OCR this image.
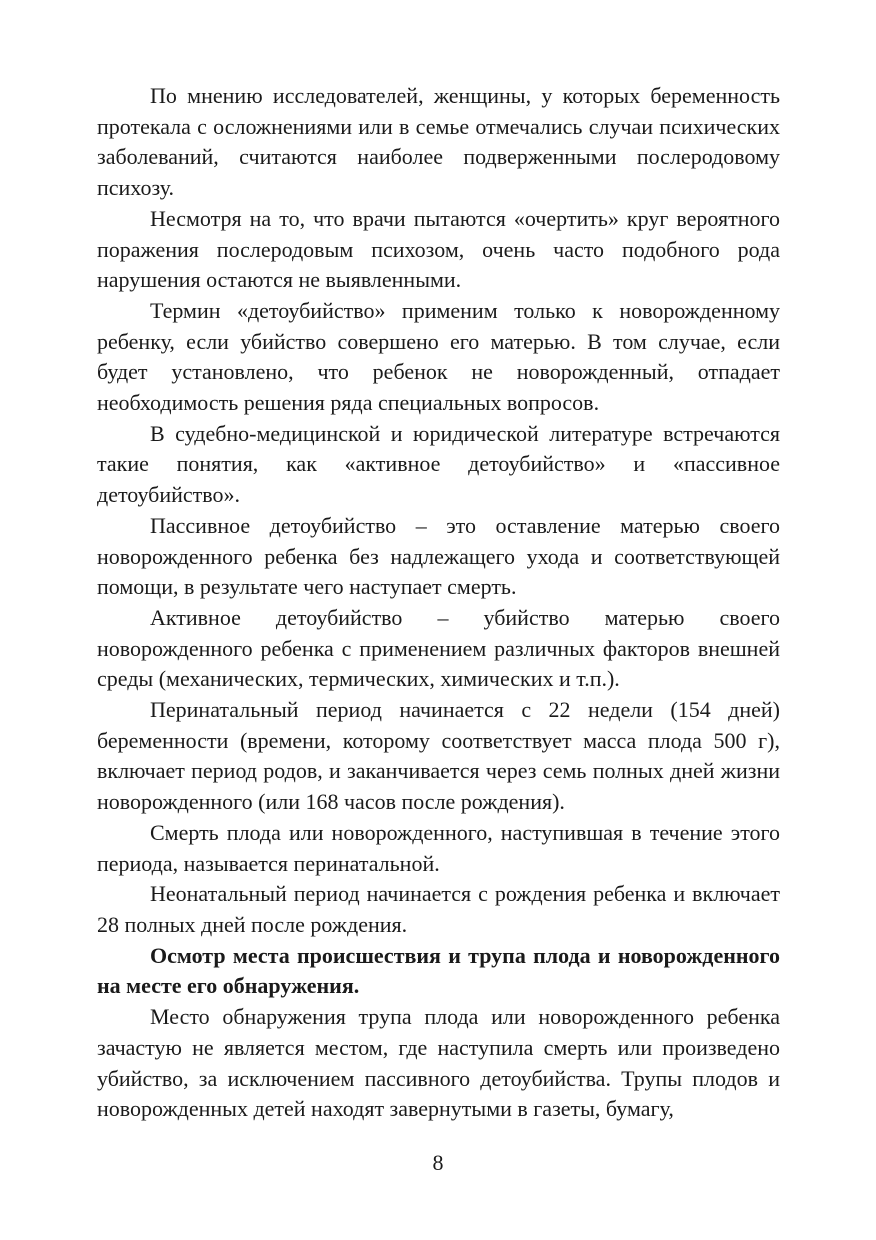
По мнению исследователей, женщины, у которых беременность протекала с осложнениями или в семье отмечались случаи психических заболеваний, считаются наиболее подверженными послеродовому психозу.

Несмотря на то, что врачи пытаются «очертить» круг вероятного поражения послеродовым психозом, очень часто подобного рода нарушения остаются не выявленными.

Термин «детоубийство» применим только к новорожденному ребенку, если убийство совершено его матерью. В том случае, если будет установлено, что ребенок не новорожденный, отпадает необходимость решения ряда специальных вопросов.

В судебно-медицинской и юридической литературе встречаются такие понятия, как «активное детоубийство» и «пассивное детоубийство».

Пассивное детоубийство – это оставление матерью своего новорожденного ребенка без надлежащего ухода и соответствующей помощи, в результате чего наступает смерть.

Активное детоубийство – убийство матерью своего новорожденного ребенка с применением различных факторов внешней среды (механических, термических, химических и т.п.).

Перинатальный период начинается с 22 недели (154 дней) беременности (времени, которому соответствует масса плода 500 г), включает период родов, и заканчивается через семь полных дней жизни новорожденного (или 168 часов после рождения).

Смерть плода или новорожденного, наступившая в течение этого периода, называется перинатальной.

Неонатальный период начинается с рождения ребенка и включает 28 полных дней после рождения.

Осмотр места происшествия и трупа плода и новорожденного на месте его обнаружения.

Место обнаружения трупа плода или новорожденного ребенка зачастую не является местом, где наступила смерть или произведено убийство, за исключением пассивного детоубийства. Трупы плодов и новорожденных детей находят завернутыми в газеты, бумагу,

8
